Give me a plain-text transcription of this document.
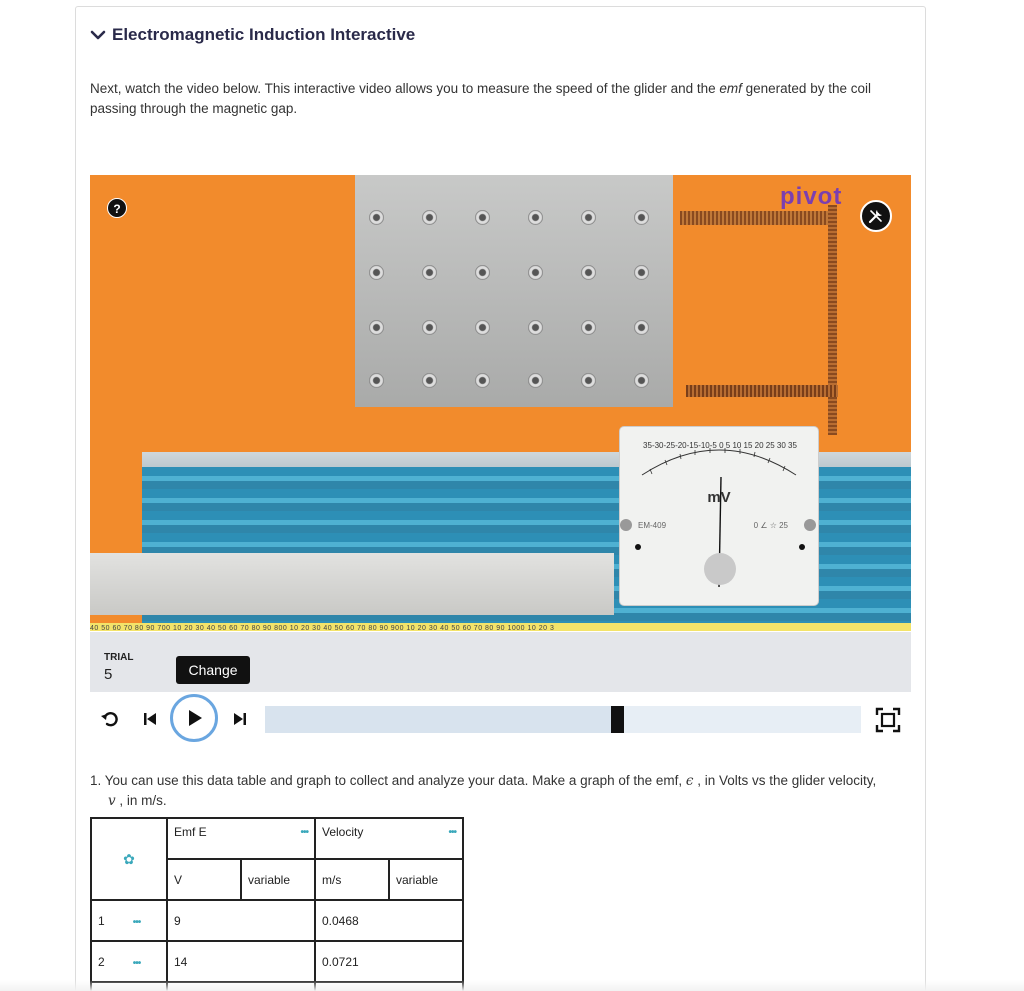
Electromagnetic Induction Interactive

Next, watch the video below. This interactive video allows you to measure the speed of the glider and the emf generated by the coil passing through the magnetic gap.

35-30-25-20-15-10-5 0 5 10 15 20 25 30 35
mV
EM-409	0 ∠ ☆ 25
40 50 60 70 80 90 700 10 20 30 40 50 60 70 80 90 800 10 20 30 40 50 60 70 80 90 900 10 20 30 40 50 60 70 80 90 1000 10 20 3
?	pivot
TRIAL
5	Change

1. You can use this data table and graph to collect and analyze your data. Make a graph of the emf, ϵ , in Volts vs the glider velocity,
v , in m/s.

✿	Emf E •••		Velocity •••	

	V	variable	m/s	variable
1 •••	9		0.0468	
2 •••	14		0.0721	
